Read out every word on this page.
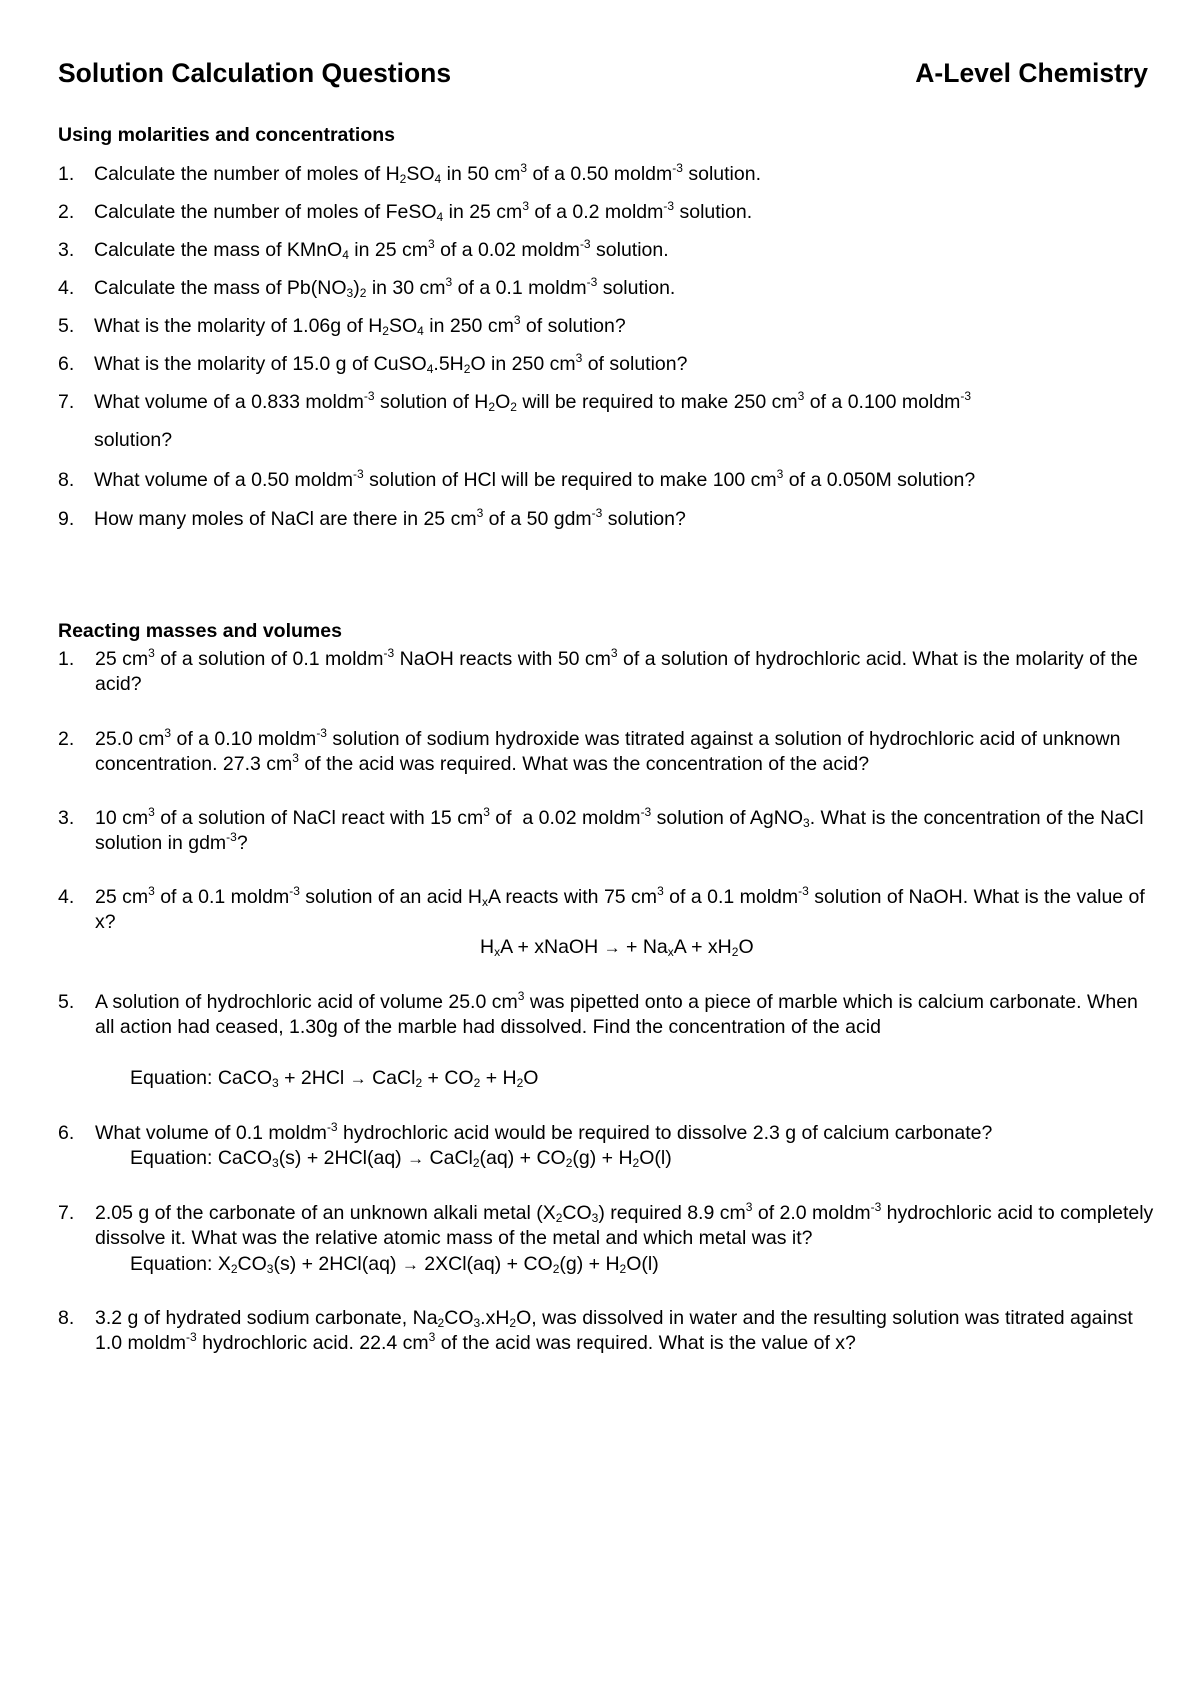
Solution Calculation Questions	A-Level Chemistry
Using molarities and concentrations
1. Calculate the number of moles of $H_2SO_4$ in 50 $cm^3$ of a 0.50 moldm$^{-3}$ solution.
2. Calculate the number of moles of FeSO$_4$ in 25 $cm^3$ of a 0.2 moldm$^{-3}$ solution.
3. Calculate the mass of KMnO$_4$ in 25 $cm^3$ of a 0.02 moldm$^{-3}$ solution.
4. Calculate the mass of $Pb(NO_3)_2$ in 30 $cm^3$ of a 0.1 moldm$^{-3}$ solution.
5. What is the molarity of 1.06g of $H_2SO_4$ in 250 $cm^3$ of solution?
6. What is the molarity of 15.0 g of $CuSO_4.5H_2O$ in 250 $cm^3$ of solution?
7. What volume of a 0.833 moldm$^{-3}$ solution of $H_2O_2$ will be required to make 250 $cm^3$ of a 0.100 moldm$^{-3}$
solution?
8. What volume of a 0.50 moldm$^{-3}$ solution of HCl will be required to make 100 $cm^3$ of a 0.050M solution?
9. How many moles of NaCl are there in 25 $cm^3$ of a 50 gdm$^{-3}$ solution?
Reacting masses and volumes
1. 25 $cm^3$ of a solution of 0.1 moldm$^{-3}$ NaOH reacts with 50 $cm^3$ of a solution of hydrochloric acid. What is the molarity of the acid?
2. 25.0 $cm^3$ of a 0.10 moldm$^{-3}$ solution of sodium hydroxide was titrated against a solution of hydrochloric acid of unknown concentration. 27.3 $cm^3$ of the acid was required. What was the concentration of the acid?
3. 10 $cm^3$ of a solution of NaCl react with 15 $cm^3$ of  a 0.02 moldm$^{-3}$ solution of AgNO$_3$. What is the concentration of the NaCl solution in gdm$^{-3}$?
4. 25 $cm^3$ of a 0.1 moldm$^{-3}$ solution of an acid $H_xA$ reacts with 75 $cm^3$ of a 0.1 moldm$^{-3}$ solution of NaOH. What is the value of x?
$H_xA$ + xNaOH → + $Na_xA + xH_2O$
5. A solution of hydrochloric acid of volume 25.0 $cm^3$ was pipetted onto a piece of marble which is calcium carbonate. When all action had ceased, 1.30g of the marble had dissolved. Find the concentration of the acid
Equation: CaCO$_3$ + 2HCl → CaCl$_2$ + $CO_2 + H_2O$
6. What volume of 0.1 moldm$^{-3}$ hydrochloric acid would be required to dissolve 2.3 g of calcium carbonate?
Equation: CaCO$_3$(s) + 2HCl(aq) → CaCl$_2$(aq) + $CO_2(g) + H_2O(l)$
7. 2.05 g of the carbonate of an unknown alkali metal $(X_2CO_3)$ required 8.9 $cm^3$ of 2.0 moldm$^{-3}$ hydrochloric acid to completely dissolve it. What was the relative atomic mass of the metal and which metal was it?
Equation: $X_2CO_3(s) + 2HCl(aq) \to 2XCl(aq) + CO_2(g) + H_2O(l)$
8. 3.2 g of hydrated sodium carbonate, $Na_2CO_3.xH_2O$, was dissolved in water and the resulting solution was titrated against 1.0 moldm$^{-3}$ hydrochloric acid. 22.4 $cm^3$ of the acid was required. What is the value of x?
